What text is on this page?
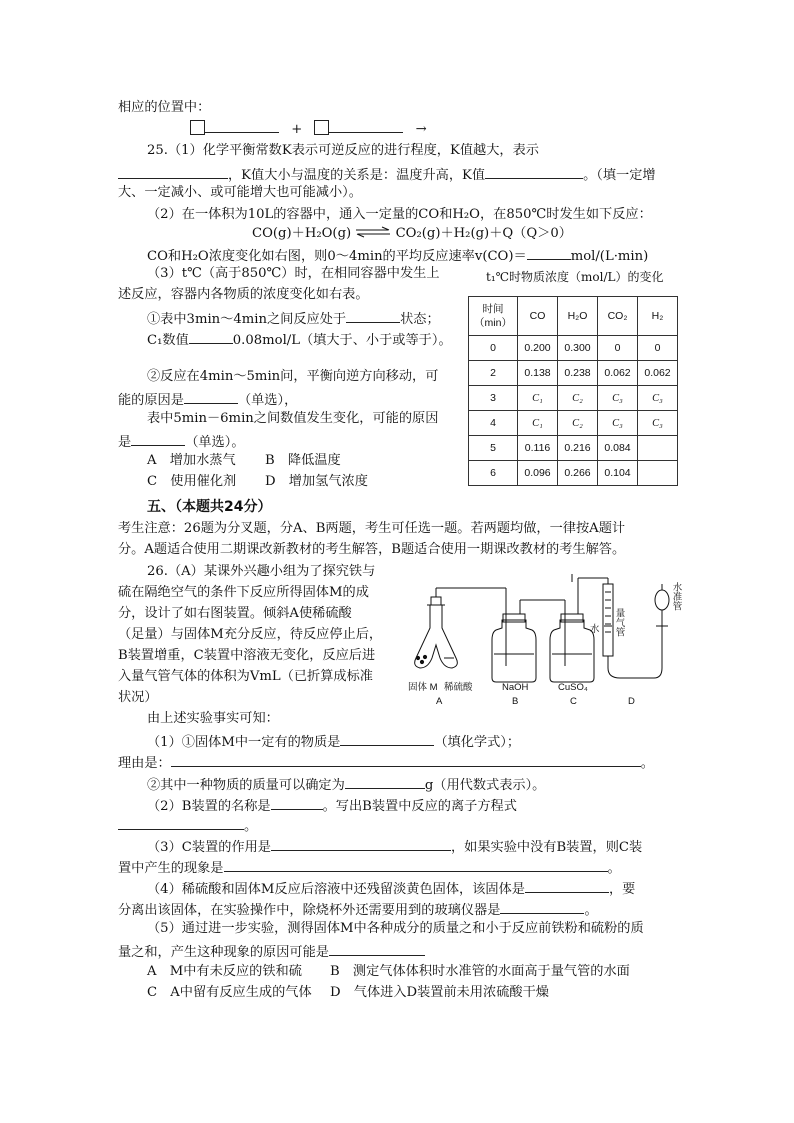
相应的位置中：
+	→
25.（1）化学平衡常数K表示可逆反应的进行程度，K值越大，表示
，K值大小与温度的关系是：温度升高，K值	。（填一定增
大、一定减小、或可能增大也可能减小）。
（2）在一体积为10L的容器中，通入一定量的CO和H₂O，在850℃时发生如下反应：
CO(g)＋H₂O(g) ⇌ CO₂(g)＋H₂(g)＋Q（Q＞0）
CO和H₂O浓度变化如右图，则0～4min的平均反应速率v(CO)＝	mol/(L·min)
（3）t℃（高于850℃）时，在相同容器中发生上
述反应，容器内各物质的浓度变化如右表。
①表中3min～4min之间反应处于	状态；
C₁数值	0.08mol/L（填大于、小于或等于）。
②反应在4min～5min问，平衡向逆方向移动，可
能的原因是	（单选），
表中5min－6min之间数值发生变化，可能的原因
是	（单选）。
A　增加水蒸气 B　降低温度
C　使用催化剂 D　增加氢气浓度
t₁℃时物质浓度（mol/L）的变化
时间
（min）	CO	H₂O	CO₂	H₂
0	0.200	0.300	0	0
2	0.138	0.238	0.062	0.062
3	C₁	C₂	C₃	C₃
4	C₁	C₂	C₃	C₃
5	0.116	0.216	0.084	
6	0.096	0.266	0.104	
五、（本题共24分）
考生注意：26题为分叉题，分A、B两题，考生可任选一题。若两题均做，一律按A题计
分。A题适合使用二期课改新教材的考生解答，B题适合使用一期课改教材的考生解答。
26.（A）某课外兴趣小组为了探究铁与
硫在隔绝空气的条件下反应所得固体M的成
分，设计了如右图装置。倾斜A使稀硫酸
（足量）与固体M充分反应，待反应停止后，
B装置增重，C装置中溶液无变化，反应后进
入量气管气体的体积为VmL（已折算成标准
状况）
由上述实验事实可知：
固体 M 稀硫酸	NaOH	CuSO₄
水 量气管
水准管
A	B	C	D
（1）①固体M中一定有的物质是	（填化学式）；
理由是：	。
②其中一种物质的质量可以确定为	g（用代数式表示）。
（2）B装置的名称是	。写出B装置中反应的离子方程式
。
（3）C装置的作用是	，如果实验中没有B装置，则C装
置中产生的现象是	。
（4）稀硫酸和固体M反应后溶液中还残留淡黄色固体，该固体是	，要
分离出该固体，在实验操作中，除烧杯外还需要用到的玻璃仪器是	。
（5）通过进一步实验，测得固体M中各种成分的质量之和小于反应前铁粉和硫粉的质
量之和，产生这种现象的原因可能是
A　M中有未反应的铁和硫 B　测定气体体积时水准管的水面高于量气管的水面
C　A中留有反应生成的气体 D　气体进入D装置前未用浓硫酸干燥
